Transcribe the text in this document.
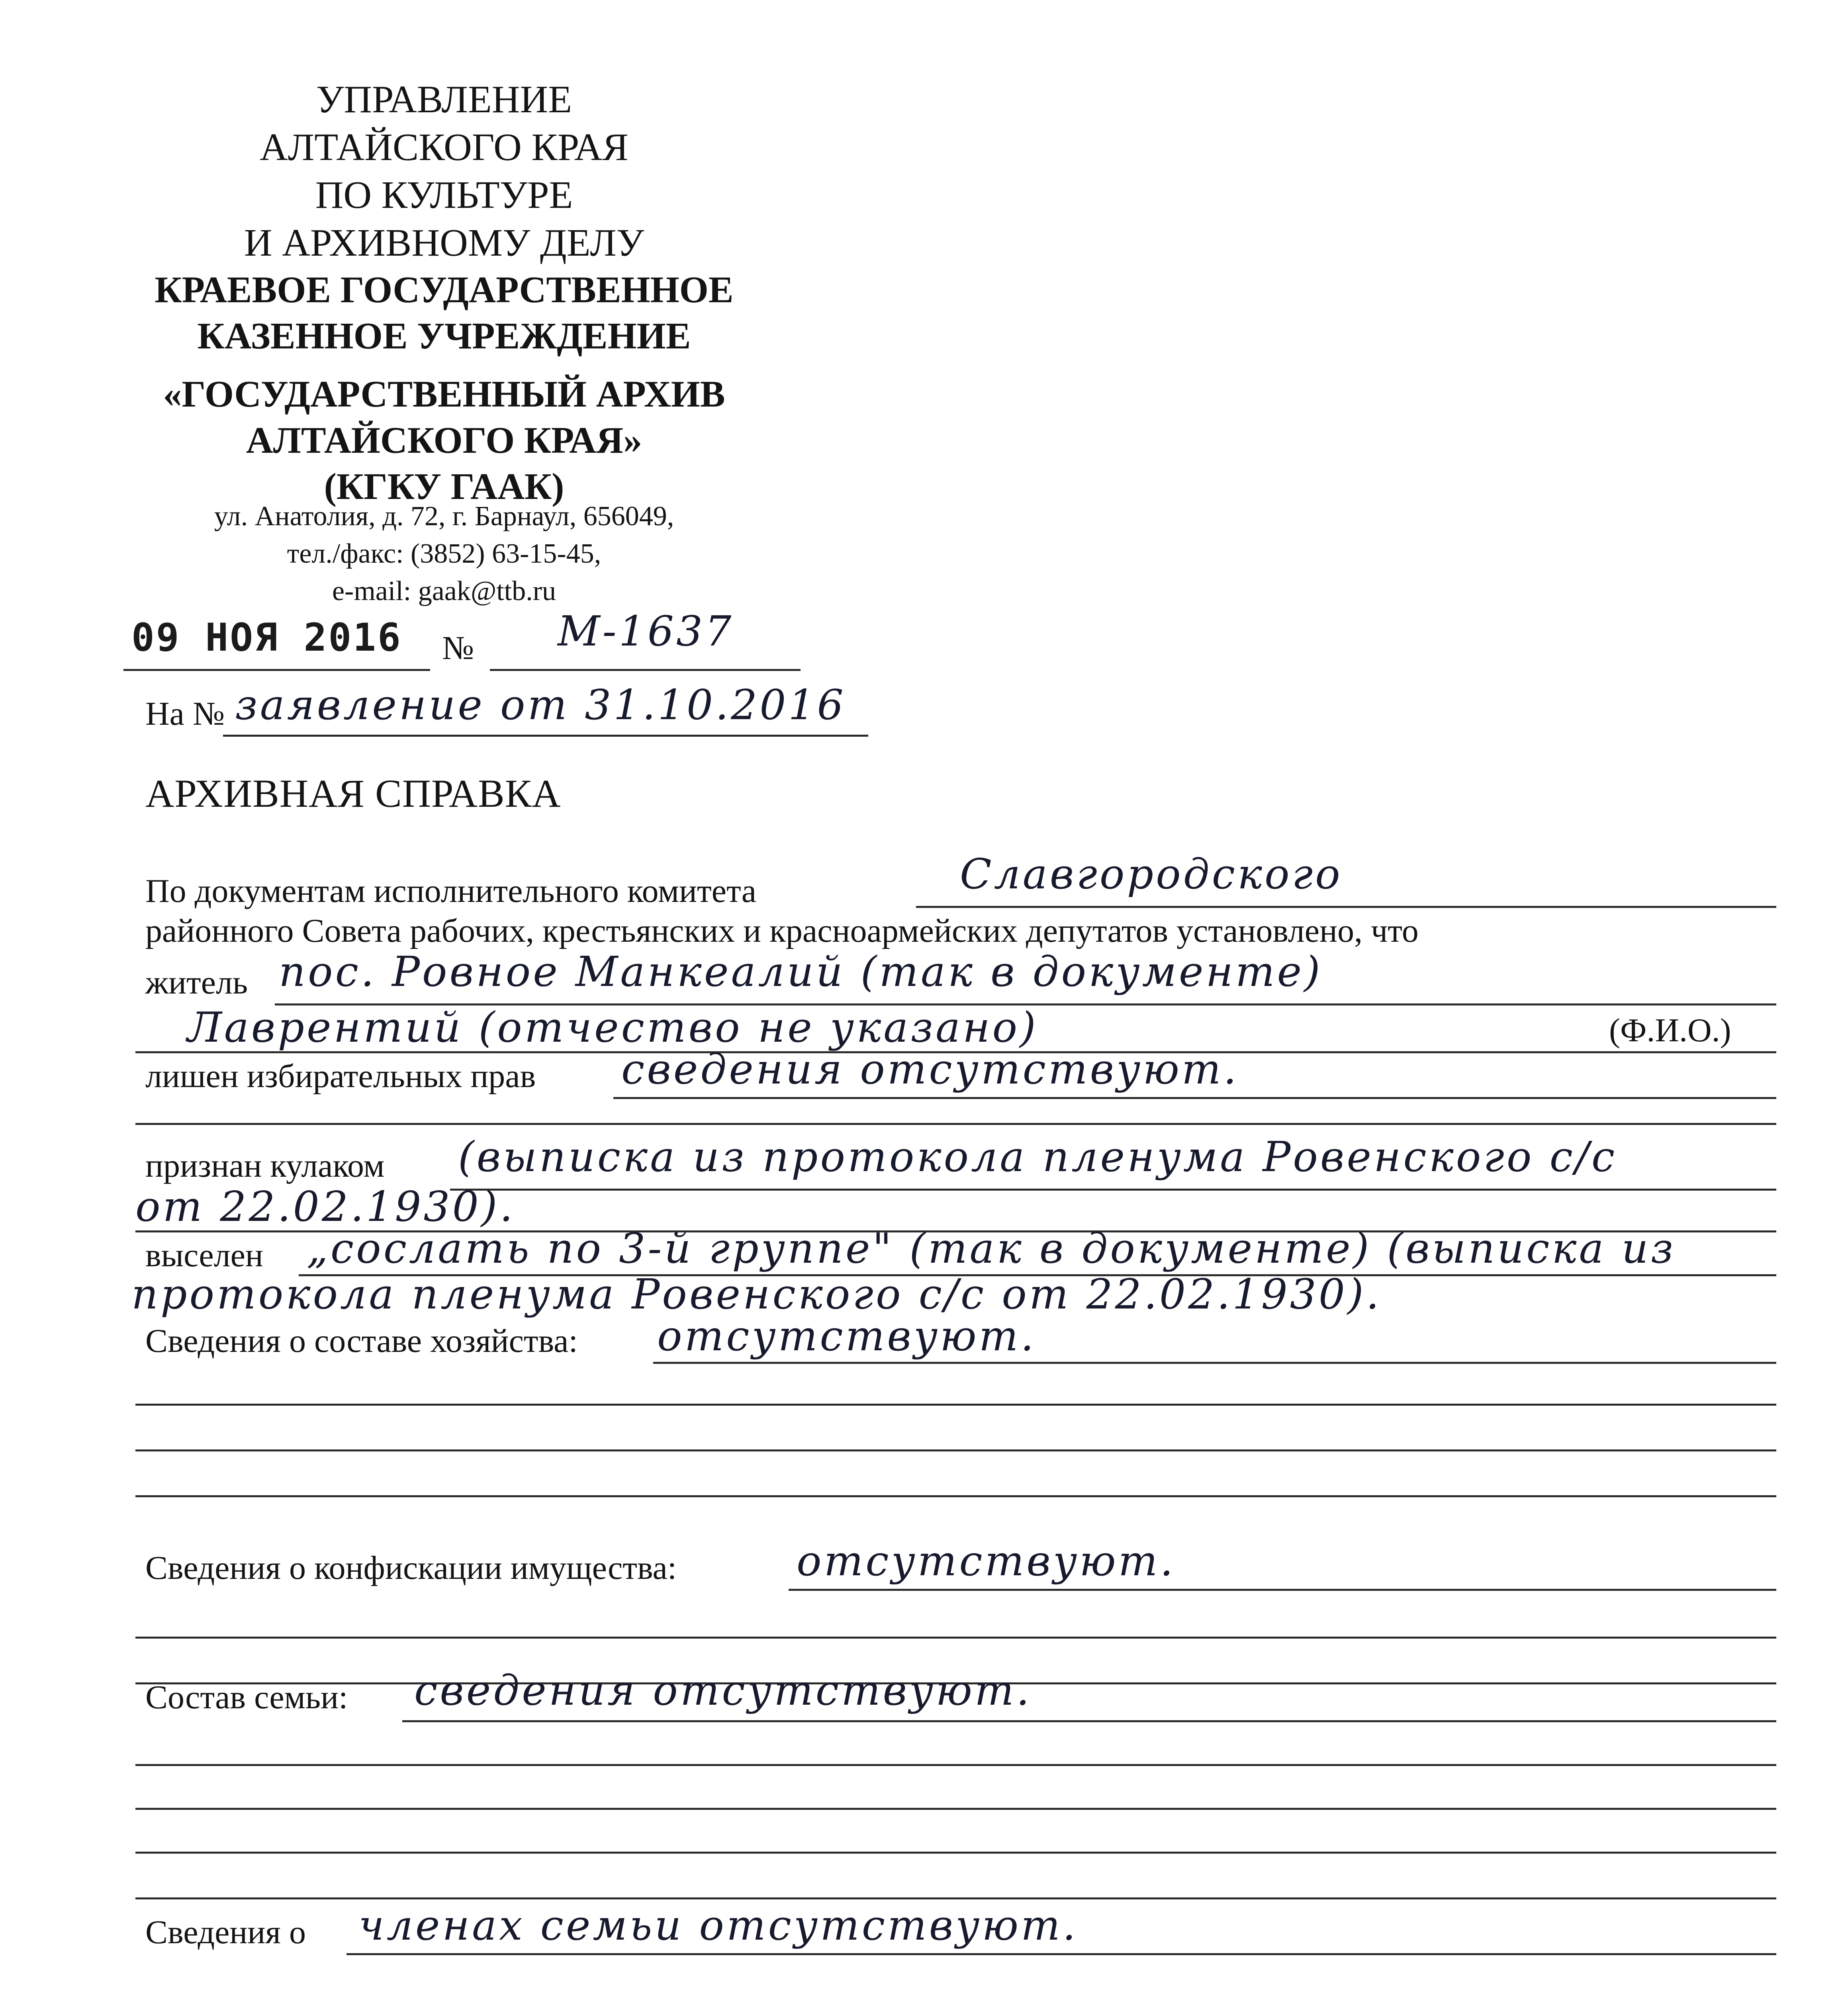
УПРАВЛЕНИЕ
АЛТАЙСКОГО КРАЯ
ПО КУЛЬТУРЕ
И АРХИВНОМУ ДЕЛУ
КРАЕВОЕ ГОСУДАРСТВЕННОЕ
КАЗЕННОЕ УЧРЕЖДЕНИЕ
«ГОСУДАРСТВЕННЫЙ АРХИВ
АЛТАЙСКОГО КРАЯ»
(КГКУ ГААК)
ул. Анатолия, д. 72, г. Барнаул, 656049,
тел./факс: (3852) 63-15-45,
e-mail: gaak@ttb.ru
09 НОЯ 2016 № М-1637
На № заявление от 31.10.2016
АРХИВНАЯ СПРАВКА
По документам исполнительного комитета	Славгородского
районного Совета рабочих, крестьянских и красноармейских депутатов установлено, что
житель пос. Ровное Манкеалий (так в документе)
Лаврентий (отчество не указано)	(Ф.И.О.)
лишен избирательных прав сведения отсутствуют.
признан кулаком (выписка из протокола пленума Ровенского с/с
от 22.02.1930).
выселен „сослать по 3-й группе" (так в документе) (выписка из
протокола пленума Ровенского с/с от 22.02.1930).
Сведения о составе хозяйства: отсутствуют.
Сведения о конфискации имущества:	отсутствуют.
Состав семьи: сведения отсутствуют.
Сведения о членах семьи отсутствуют.
